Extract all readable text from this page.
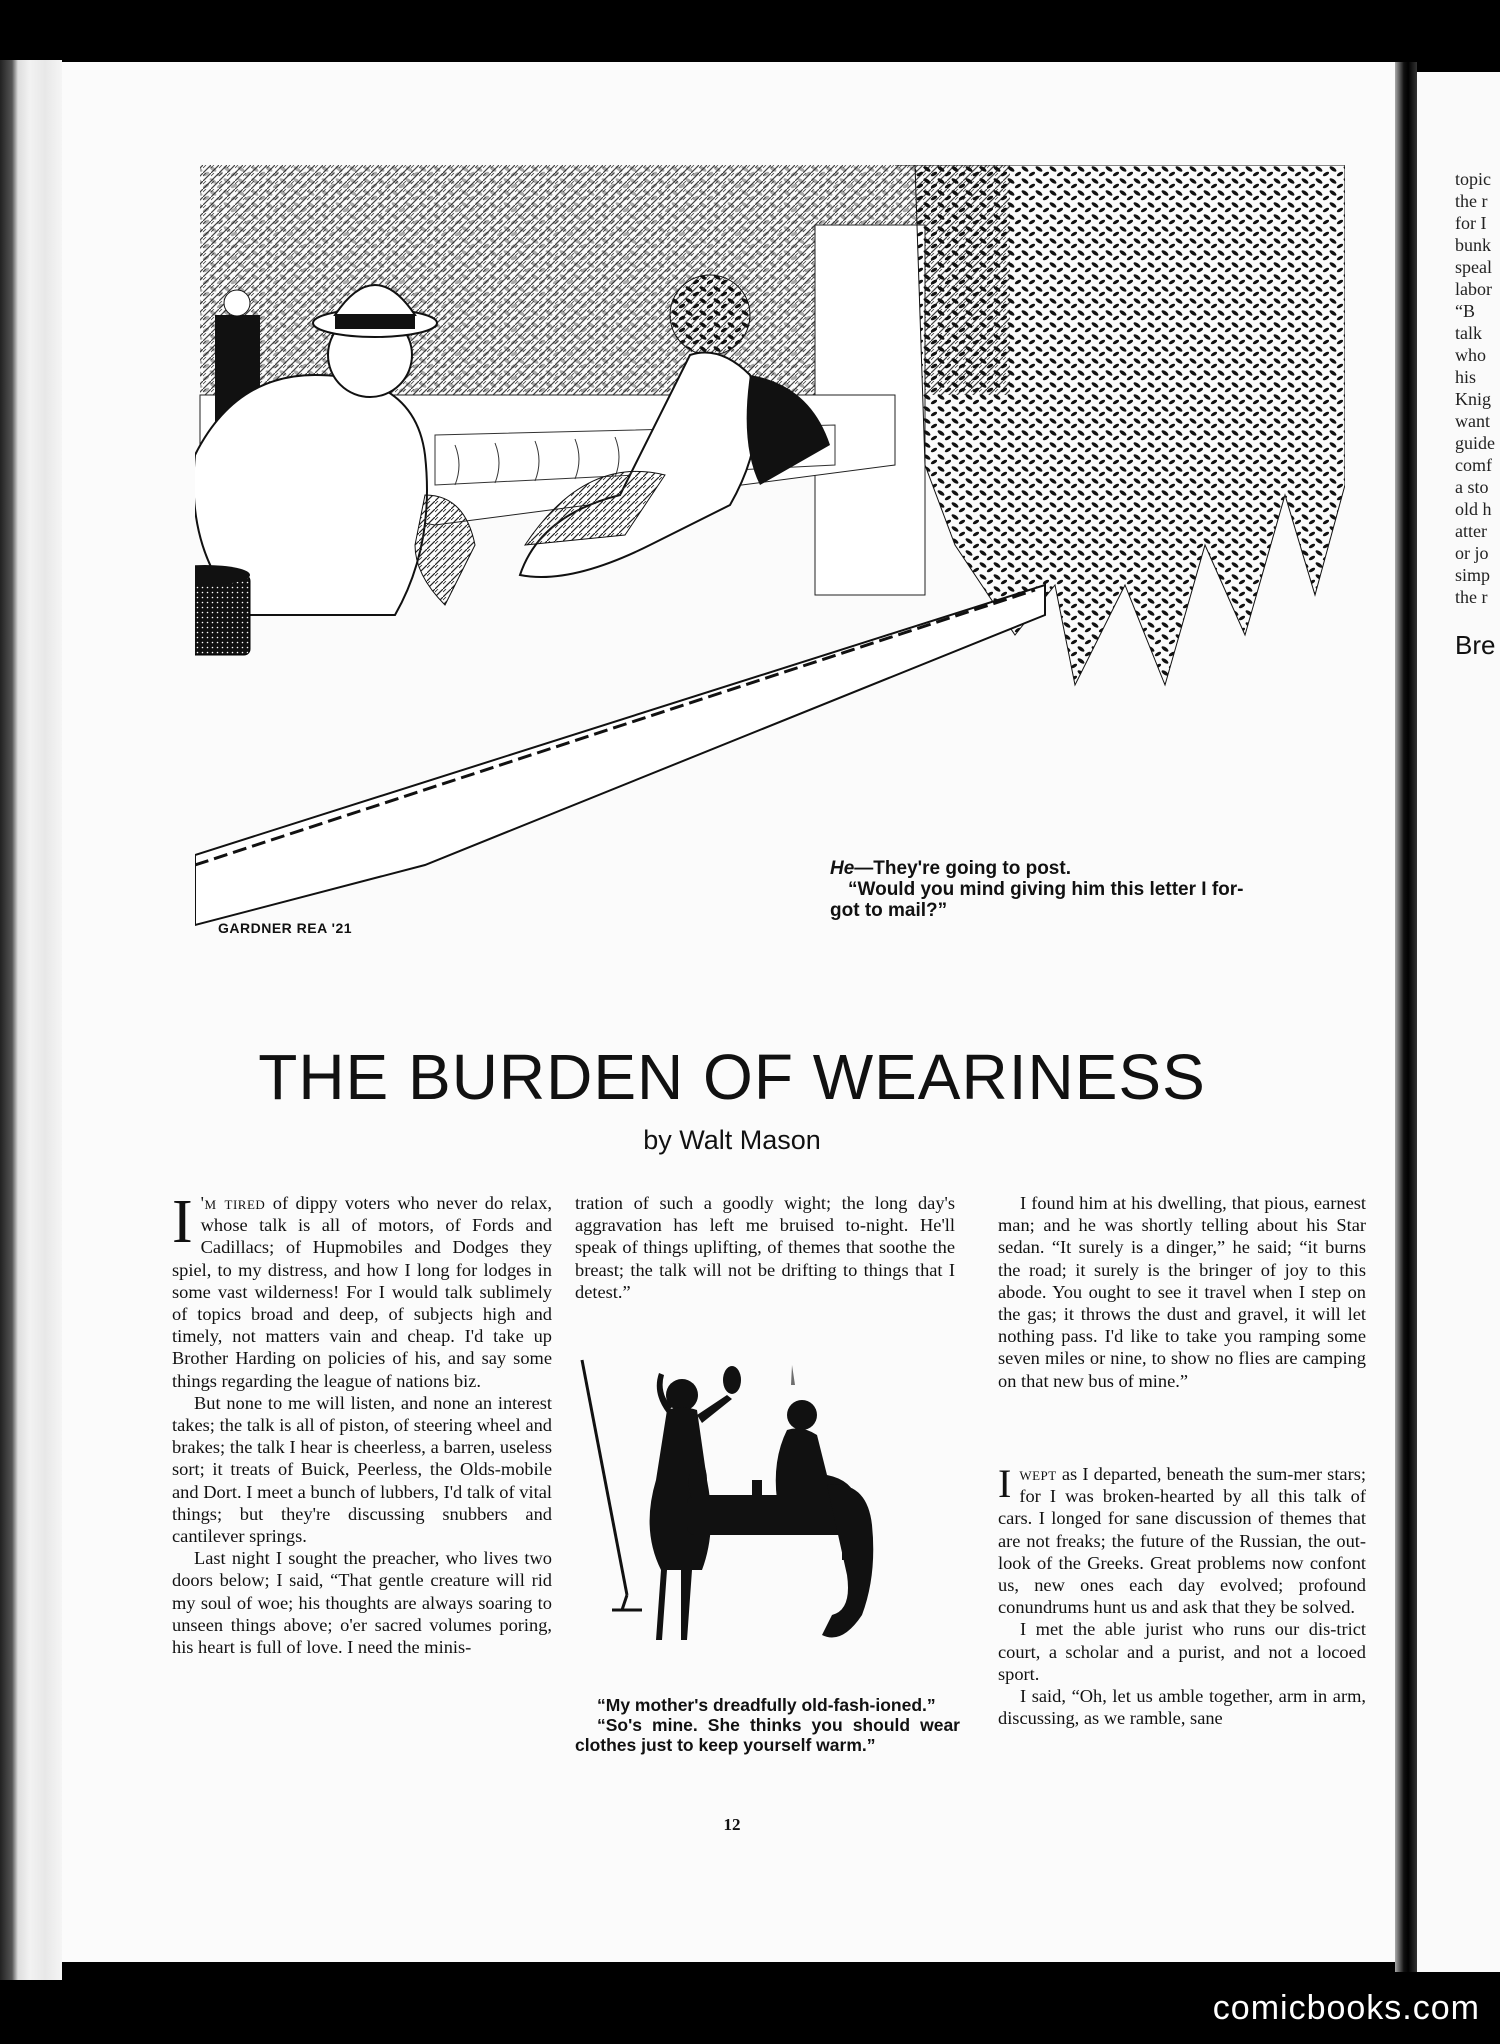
topic
the r
for I
bunk
speal
labor
“B
talk
who
his
Knig
want
guide
comf
a sto
old h
atter
or jo
simp
the r
Bre
GARDNER REA '21
He—They're going to post.
“Would you mind giving him this letter I for-
got to mail?”
THE BURDEN OF WEARINESS
by Walt Mason

I 'm tired of dippy voters who never do relax, whose talk is all of motors, of Fords and Cadillacs; of Hupmobiles and Dodges they spiel, to my distress, and how I long for lodges in some vast wilderness! For I would talk sublimely of topics broad and deep, of subjects high and timely, not matters vain and cheap. I'd take up Brother Harding on policies of his, and say some things regarding the league of nations biz.

But none to me will listen, and none an interest takes; the talk is all of piston, of steering wheel and brakes; the talk I hear is cheerless, a barren, useless sort; it treats of Buick, Peerless, the Olds-mobile and Dort. I meet a bunch of lubbers, I'd talk of vital things; but they're discussing snubbers and cantilever springs.

Last night I sought the preacher, who lives two doors below; I said, “That gentle creature will rid my soul of woe; his thoughts are always soaring to unseen things above; o'er sacred volumes poring, his heart is full of love. I need the minis-

tration of such a goodly wight; the long day's aggravation has left me bruised to-night. He'll speak of things uplifting, of themes that soothe the breast; the talk will not be drifting to things that I detest.”

“My mother's dreadfully old-fash-ioned.”

“So's mine. She thinks you should wear clothes just to keep yourself warm.”

I found him at his dwelling, that pious, earnest man; and he was shortly telling about his Star sedan. “It surely is a dinger,” he said; “it burns the road; it surely is the bringer of joy to this abode. You ought to see it travel when I step on the gas; it throws the dust and gravel, it will let nothing pass. I'd like to take you ramping some seven miles or nine, to show no flies are camping on that new bus of mine.”

Iwept as I departed, beneath the sum-mer stars; for I was broken-hearted by all this talk of cars. I longed for sane discussion of themes that are not freaks; the future of the Russian, the out-look of the Greeks. Great problems now confont us, new ones each day evolved; profound conundrums hunt us and ask that they be solved.

I met the able jurist who runs our dis-trict court, a scholar and a purist, and not a locoed sport.

I said, “Oh, let us amble together, arm in arm, discussing, as we ramble, sane

12
comicbooks.com
